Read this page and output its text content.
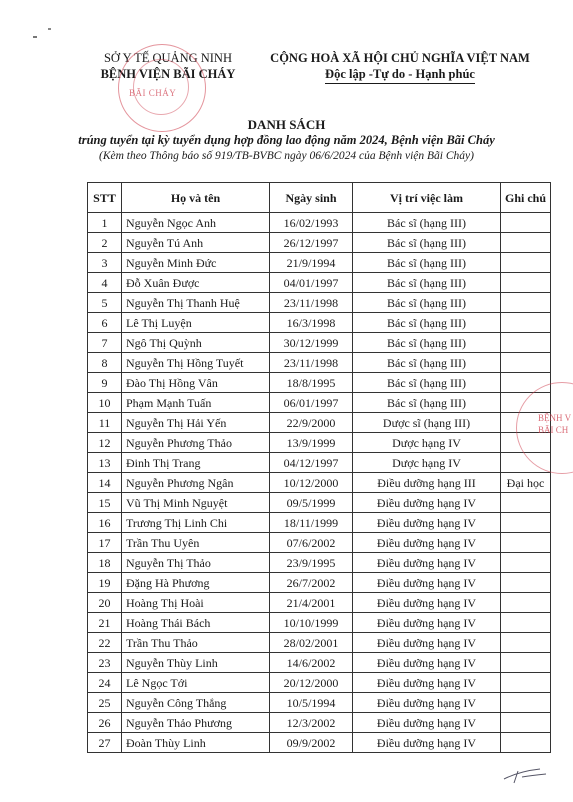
SỞ Y TẾ QUẢNG NINH
BỆNH VIỆN BÃI CHÁY
BÃI CHÁY
CỘNG HOÀ XÃ HỘI CHỦ NGHĨA VIỆT NAM
Độc lập -Tự do - Hạnh phúc
DANH SÁCH
trúng tuyển tại kỳ tuyển dụng hợp đồng lao động năm 2024, Bệnh viện Bãi Cháy
(Kèm theo Thông báo số 919/TB-BVBC ngày 06/6/2024 của Bệnh viện Bãi Cháy)
STT	Họ và tên	Ngày sinh	Vị trí việc làm	Ghi chú
1	Nguyễn Ngọc Anh	16/02/1993	Bác sĩ (hạng III)	
2	Nguyễn Tú Anh	26/12/1997	Bác sĩ (hạng III)	
3	Nguyễn Minh Đức	21/9/1994	Bác sĩ (hạng III)	
4	Đỗ Xuân Được	04/01/1997	Bác sĩ (hạng III)	
5	Nguyễn Thị Thanh Huệ	23/11/1998	Bác sĩ (hạng III)	
6	Lê Thị Luyện	16/3/1998	Bác sĩ (hạng III)	
7	Ngô Thị Quỳnh	30/12/1999	Bác sĩ (hạng III)	
8	Nguyễn Thị Hồng Tuyết	23/11/1998	Bác sĩ (hạng III)	
9	Đào Thị Hồng Vân	18/8/1995	Bác sĩ (hạng III)	
10	Phạm Mạnh Tuấn	06/01/1997	Bác sĩ (hạng III)	
11	Nguyễn Thị Hải Yến	22/9/2000	Dược sĩ (hạng III)	
12	Nguyễn Phương Thảo	13/9/1999	Dược hạng IV	
13	Đinh Thị Trang	04/12/1997	Dược hạng IV	
14	Nguyễn Phương Ngân	10/12/2000	Điều dưỡng hạng III	Đại học
15	Vũ Thị Minh Nguyệt	09/5/1999	Điều dưỡng hạng IV	
16	Trương Thị Linh Chi	18/11/1999	Điều dưỡng hạng IV	
17	Trần Thu Uyên	07/6/2002	Điều dưỡng hạng IV	
18	Nguyễn Thị Thảo	23/9/1995	Điều dưỡng hạng IV	
19	Đặng Hà Phương	26/7/2002	Điều dưỡng hạng IV	
20	Hoàng Thị Hoài	21/4/2001	Điều dưỡng hạng IV	
21	Hoàng Thái Bách	10/10/1999	Điều dưỡng hạng IV	
22	Trần Thu Thảo	28/02/2001	Điều dưỡng hạng IV	
23	Nguyễn Thùy Linh	14/6/2002	Điều dưỡng hạng IV	
24	Lê Ngọc Tới	20/12/2000	Điều dưỡng hạng IV	
25	Nguyễn Công Thắng	10/5/1994	Điều dưỡng hạng IV	
26	Nguyễn Thảo Phương	12/3/2002	Điều dưỡng hạng IV	
27	Đoàn Thùy Linh	09/9/2002	Điều dưỡng hạng IV	
BỆNH V
BÃI CH
